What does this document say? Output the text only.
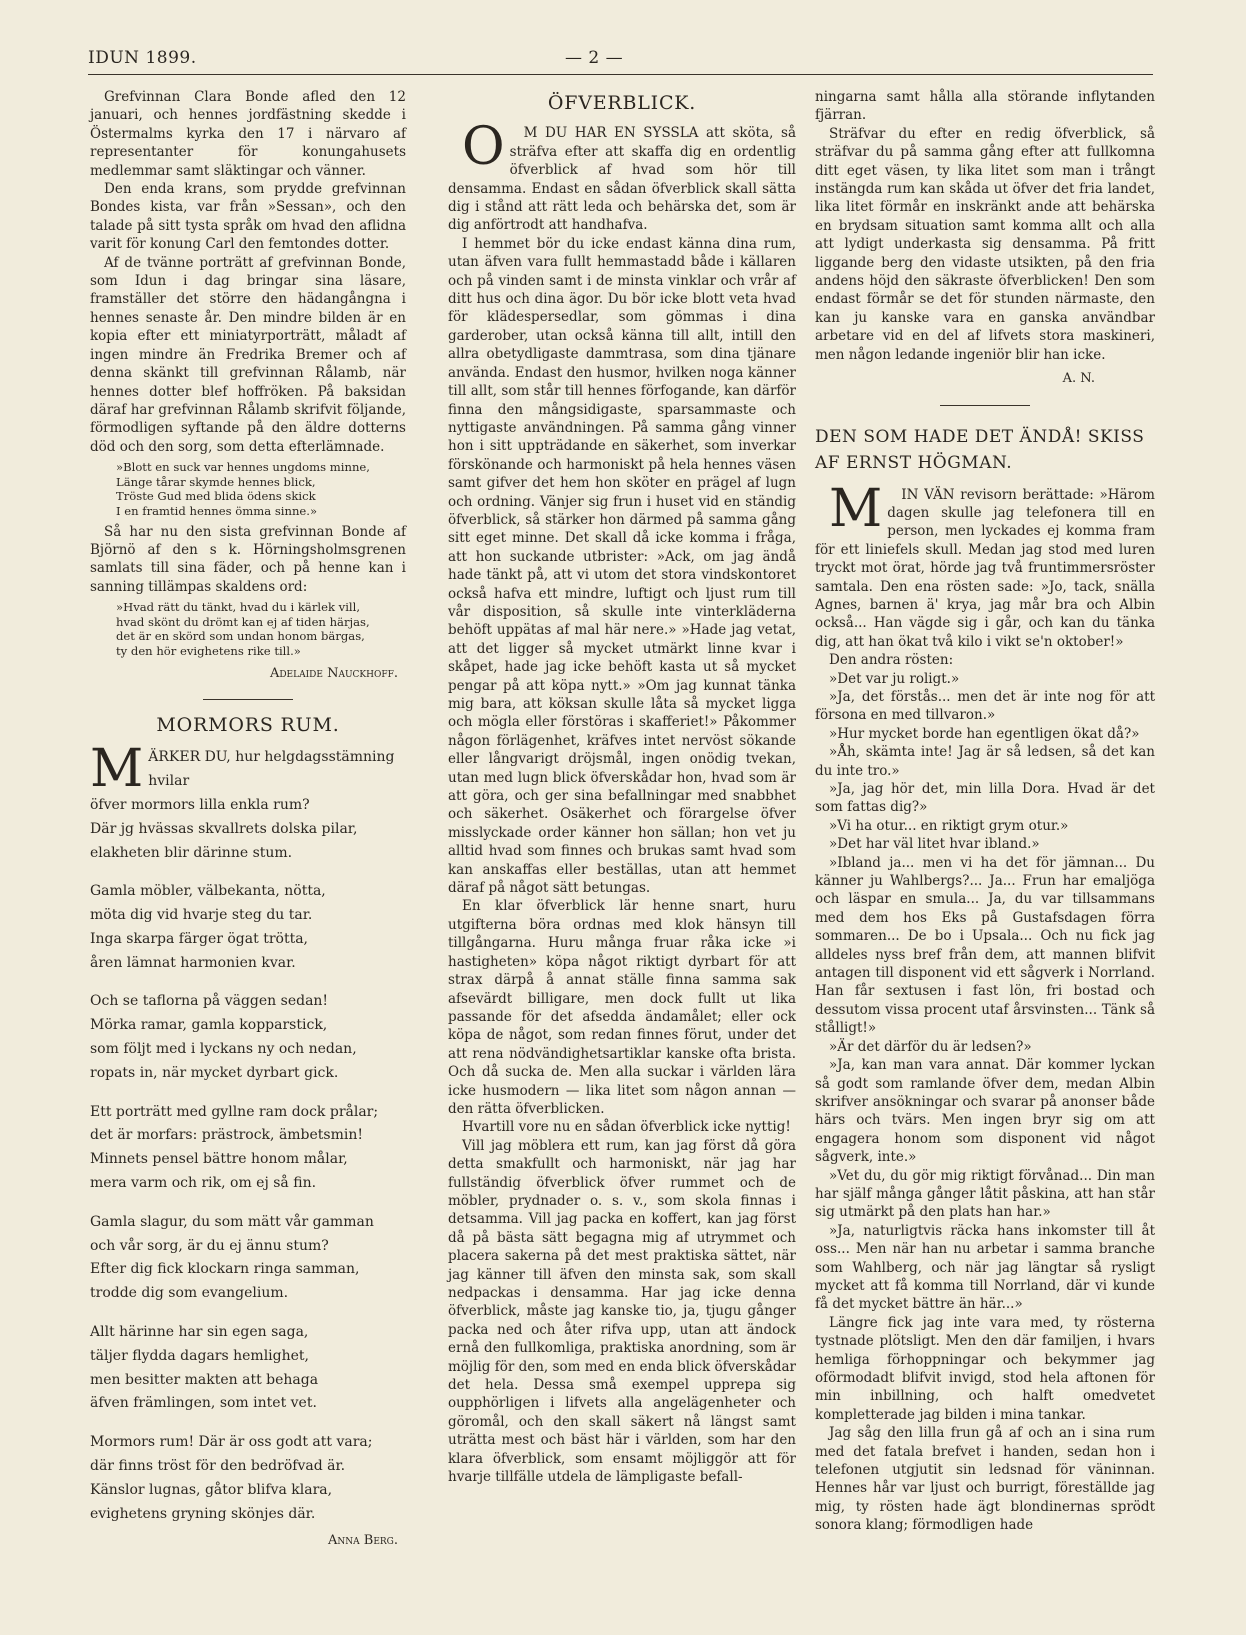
IDUN 1899.	— 2 —

Grefvinnan Clara Bonde afled den 12 januari, och hennes jordfästning skedde i Östermalms kyrka den 17 i närvaro af representanter för konungahusets medlemmar samt släktingar och vänner.

Den enda krans, som prydde grefvinnan Bondes kista, var från »Sessan», och den talade på sitt tysta språk om hvad den aflidna varit för konung Carl den femtondes dotter.

Af de tvänne porträtt af grefvinnan Bonde, som Idun i dag bringar sina läsare, framställer det större den hädangångna i hennes senaste år. Den mindre bilden är en kopia efter ett miniatyrporträtt, måladt af ingen mindre än Fredrika Bremer och af denna skänkt till grefvinnan Rålamb, när hennes dotter blef hoffröken. På baksidan däraf har grefvinnan Rålamb skrifvit följande, förmodligen syftande på den äldre dotterns död och den sorg, som detta efterlämnade.

»Blott en suck var hennes ungdoms minne,
Länge tårar skymde hennes blick,
Tröste Gud med blida ödens skick
I en framtid hennes ömma sinne.»

Så har nu den sista grefvinnan Bonde af Björnö af den s k. Hörningsholmsgrenen samlats till sina fäder, och på henne kan i sanning tillämpas skaldens ord:

»Hvad rätt du tänkt, hvad du i kärlek vill,
hvad skönt du drömt kan ej af tiden härjas,
det är en skörd som undan honom bärgas,
ty den hör evighetens rike till.»
Adelaide Nauckhoff.
MORMORS RUM.
M ÄRKER DU, hur helgdagsstämning hvilar
öfver mormors lilla enkla rum?
Där jg hvässas skvallrets dolska pilar,
elakheten blir därinne stum.
Gamla möbler, välbekanta, nötta,
möta dig vid hvarje steg du tar.
Inga skarpa färger ögat trötta,
åren lämnat harmonien kvar.
Och se taflorna på väggen sedan!
Mörka ramar, gamla kopparstick,
som följt med i lyckans ny och nedan,
ropats in, när mycket dyrbart gick.
Ett porträtt med gyllne ram dock prålar;
det är morfars: prästrock, ämbetsmin!
Minnets pensel bättre honom målar,
mera varm och rik, om ej så fin.
Gamla slagur, du som mätt vår gamman
och vår sorg, är du ej ännu stum?
Efter dig fick klockarn ringa samman,
trodde dig som evangelium.
Allt härinne har sin egen saga,
täljer flydda dagars hemlighet,
men besitter makten att behaga
äfven främlingen, som intet vet.
Mormors rum! Där är oss godt att vara;
där finns tröst för den bedröfvad är.
Känslor lugnas, gåtor blifva klara,
evighetens gryning skönjes där.
Anna Berg.
ÖFVERBLICK.

O M DU HAR EN SYSSLA att sköta, så sträfva efter att skaffa dig en ordentlig öfverblick af hvad som hör till densamma. Endast en sådan öfverblick skall sätta dig i stånd att rätt leda och behärska det, som är dig anförtrodt att handhafva.

I hemmet bör du icke endast känna dina rum, utan äfven vara fullt hemmastadd både i källaren och på vinden samt i de minsta vinklar och vrår af ditt hus och dina ägor. Du bör icke blott veta hvad för klädespersedlar, som gömmas i dina garderober, utan också känna till allt, intill den allra obetydligaste dammtrasa, som dina tjänare använda. Endast den husmor, hvilken noga känner till allt, som står till hennes förfogande, kan därför finna den mångsidigaste, sparsammaste och nyttigaste användningen. På samma gång vinner hon i sitt uppträdande en säkerhet, som inverkar förskönande och harmoniskt på hela hennes väsen samt gifver det hem hon sköter en prägel af lugn och ordning. Vänjer sig frun i huset vid en ständig öfverblick, så stärker hon därmed på samma gång sitt eget minne. Det skall då icke komma i fråga, att hon suckande utbrister: »Ack, om jag ändå hade tänkt på, att vi utom det stora vindskontoret också hafva ett mindre, luftigt och ljust rum till vår disposition, så skulle inte vinterkläderna behöft uppätas af mal här nere.» »Hade jag vetat, att det ligger så mycket utmärkt linne kvar i skåpet, hade jag icke behöft kasta ut så mycket pengar på att köpa nytt.» »Om jag kunnat tänka mig bara, att köksan skulle låta så mycket ligga och mögla eller förstöras i skafferiet!» Påkommer någon förlägenhet, kräfves intet nervöst sökande eller långvarigt dröjsmål, ingen onödig tvekan, utan med lugn blick öfverskådar hon, hvad som är att göra, och ger sina befallningar med snabbhet och säkerhet. Osäkerhet och förargelse öfver misslyckade order känner hon sällan; hon vet ju alltid hvad som finnes och brukas samt hvad som kan anskaffas eller beställas, utan att hemmet däraf på något sätt betungas.

En klar öfverblick lär henne snart, huru utgifterna böra ordnas med klok hänsyn till tillgångarna. Huru många fruar råka icke »i hastigheten» köpa något riktigt dyrbart för att strax därpå å annat ställe finna samma sak afsevärdt billigare, men dock fullt ut lika passande för det afsedda ändamålet; eller ock köpa de något, som redan finnes förut, under det att rena nödvändighetsartiklar kanske ofta brista. Och då sucka de. Men alla suckar i världen lära icke husmodern — lika litet som någon annan — den rätta öfverblicken.

Hvartill vore nu en sådan öfverblick icke nyttig!

Vill jag möblera ett rum, kan jag först då göra detta smakfullt och harmoniskt, när jag har fullständig öfverblick öfver rummet och de möbler, prydnader o. s. v., som skola finnas i detsamma. Vill jag packa en koffert, kan jag först då på bästa sätt begagna mig af utrymmet och placera sakerna på det mest praktiska sättet, när jag känner till äfven den minsta sak, som skall nedpackas i densamma. Har jag icke denna öfverblick, måste jag kanske tio, ja, tjugu gånger packa ned och åter rifva upp, utan att ändock ernå den fullkomliga, praktiska anordning, som är möjlig för den, som med en enda blick öfverskådar det hela. Dessa små exempel upprepa sig oupphörligen i lifvets alla angelägenheter och göromål, och den skall säkert nå längst samt uträtta mest och bäst här i världen, som har den klara öfverblick, som ensamt möjliggör att för hvarje tillfälle utdela de lämpligaste befall-

ningarna samt hålla alla störande inflytanden fjärran.

Sträfvar du efter en redig öfverblick, så sträfvar du på samma gång efter att fullkomna ditt eget väsen, ty lika litet som man i trångt instängda rum kan skåda ut öfver det fria landet, lika litet förmår en inskränkt ande att behärska en brydsam situation samt komma allt och alla att lydigt underkasta sig densamma. På fritt liggande berg den vidaste utsikten, på den fria andens höjd den säkraste öfverblicken! Den som endast förmår se det för stunden närmaste, den kan ju kanske vara en ganska användbar arbetare vid en del af lifvets stora maskineri, men någon ledande ingeniör blir han icke.

A. N.
DEN SOM HADE DET ÄNDÅ! SKISS AF ERNST HÖGMAN.

M IN VÄN revisorn berättade: »Härom dagen skulle jag telefonera till en person, men lyckades ej komma fram för ett liniefels skull. Medan jag stod med luren tryckt mot örat, hörde jag två fruntimmersröster samtala. Den ena rösten sade: »Jo, tack, snälla Agnes, barnen ä' krya, jag mår bra och Albin också... Han vägde sig i går, och kan du tänka dig, att han ökat två kilo i vikt se'n oktober!»

Den andra rösten:

»Det var ju roligt.»

»Ja, det förstås... men det är inte nog för att försona en med tillvaron.»

»Hur mycket borde han egentligen ökat då?»

»Åh, skämta inte! Jag är så ledsen, så det kan du inte tro.»

»Ja, jag hör det, min lilla Dora. Hvad är det som fattas dig?»

»Vi ha otur... en riktigt grym otur.»

»Det har väl litet hvar ibland.»

»Ibland ja... men vi ha det för jämnan... Du känner ju Wahlbergs?... Ja... Frun har emaljöga och läspar en smula... Ja, du var tillsammans med dem hos Eks på Gustafsdagen förra sommaren... De bo i Upsala... Och nu fick jag alldeles nyss bref från dem, att mannen blifvit antagen till disponent vid ett sågverk i Norrland. Han får sextusen i fast lön, fri bostad och dessutom vissa procent utaf årsvinsten... Tänk så stålligt!»

»Är det därför du är ledsen?»

»Ja, kan man vara annat. Där kommer lyckan så godt som ramlande öfver dem, medan Albin skrifver ansökningar och svarar på anonser både härs och tvärs. Men ingen bryr sig om att engagera honom som disponent vid något sågverk, inte.»

»Vet du, du gör mig riktigt förvånad... Din man har själf många gånger låtit påskina, att han står sig utmärkt på den plats han har.»

»Ja, naturligtvis räcka hans inkomster till åt oss... Men när han nu arbetar i samma branche som Wahlberg, och när jag längtar så rysligt mycket att få komma till Norrland, där vi kunde få det mycket bättre än här...»

Längre fick jag inte vara med, ty rösterna tystnade plötsligt. Men den där familjen, i hvars hemliga förhoppningar och bekymmer jag oförmodadt blifvit invigd, stod hela aftonen för min inbillning, och halft omedvetet kompletterade jag bilden i mina tankar.

Jag såg den lilla frun gå af och an i sina rum med det fatala brefvet i handen, sedan hon i telefonen utgjutit sin ledsnad för väninnan. Hennes hår var ljust och burrigt, föreställde jag mig, ty rösten hade ägt blondinernas sprödt sonora klang; förmodligen hade
